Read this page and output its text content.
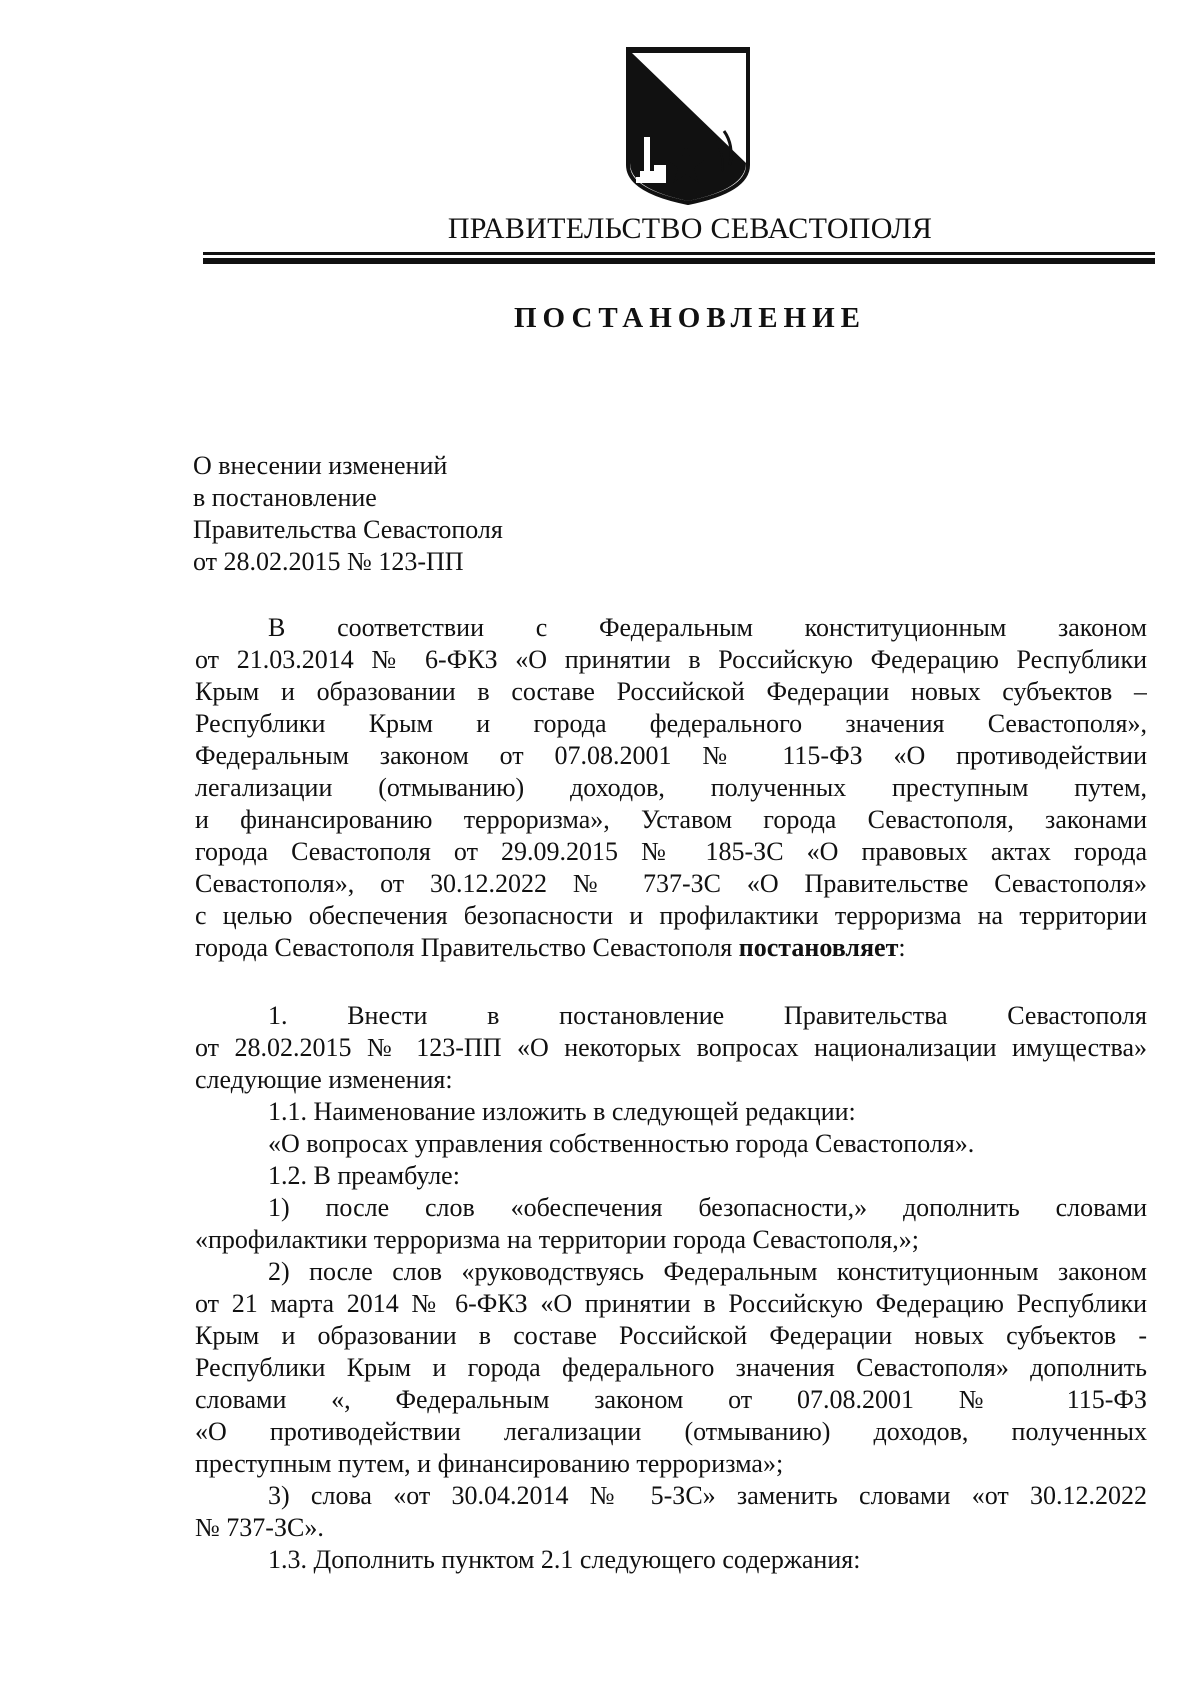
ПРАВИТЕЛЬСТВО СЕВАСТОПОЛЯ
ПОСТАНОВЛЕНИЕ
О внесении изменений
в постановление
Правительства Севастополя
от 28.02.2015 № 123-ПП
В соответствии с Федеральным конституционным законом
от 21.03.2014 № 6-ФКЗ «О принятии в Российскую Федерацию Республики
Крым и образовании в составе Российской Федерации новых субъектов –
Республики Крым и города федерального значения Севастополя»,
Федеральным законом от 07.08.2001 № 115-ФЗ «О противодействии
легализации (отмыванию) доходов, полученных преступным путем,
и финансированию терроризма», Уставом города Севастополя, законами
города Севастополя от 29.09.2015 № 185-ЗС «О правовых актах города
Севастополя», от 30.12.2022 № 737-ЗС «О Правительстве Севастополя»
с целью обеспечения безопасности и профилактики терроризма на территории
города Севастополя Правительство Севастополя постановляет:
1. Внести в постановление Правительства Севастополя
от 28.02.2015 № 123-ПП «О некоторых вопросах национализации имущества»
следующие изменения:
1.1. Наименование изложить в следующей редакции:
«О вопросах управления собственностью города Севастополя».
1.2. В преамбуле:
1) после слов «обеспечения безопасности,» дополнить словами
«профилактики терроризма на территории города Севастополя,»;
2) после слов «руководствуясь Федеральным конституционным законом
от 21 марта 2014 № 6-ФКЗ «О принятии в Российскую Федерацию Республики
Крым и образовании в составе Российской Федерации новых субъектов -
Республики Крым и города федерального значения Севастополя» дополнить
словами «, Федеральным законом от 07.08.2001 № 115-ФЗ
«О противодействии легализации (отмыванию) доходов, полученных
преступным путем, и финансированию терроризма»;
3) слова «от 30.04.2014 № 5-ЗС» заменить словами «от 30.12.2022
№ 737-ЗС».
1.3. Дополнить пунктом 2.1 следующего содержания:
